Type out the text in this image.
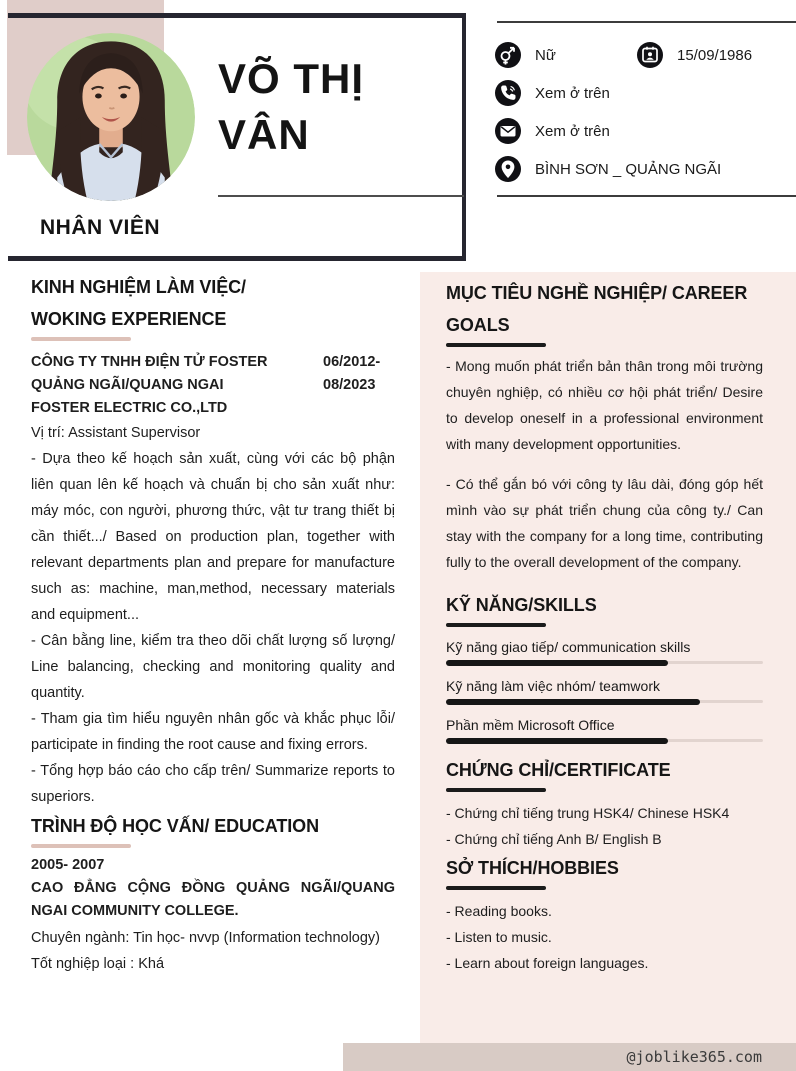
VÕ THỊ
VÂN
NHÂN VIÊN
Nữ	15/09/1986
Xem ở trên
Xem ở trên
BÌNH SƠN _ QUẢNG NGÃI
KINH NGHIỆM LÀM VIỆC/
WOKING EXPERIENCE
CÔNG TY TNHH ĐIỆN TỬ FOSTER
QUẢNG NGÃI/QUANG NGAI
FOSTER ELECTRIC CO.,LTD
06/2012-
08/2023
Vị trí: Assistant Supervisor

- Dựa theo kế hoạch sản xuất, cùng với các bộ phận liên quan lên kế hoạch và chuẩn bị cho sản xuất như: máy móc, con người, phương thức, vật tư trang thiết bị cần thiết.../ Based on production plan, together with relevant departments plan and prepare for manufacture such as: machine, man,method, necessary materials and equipment...

- Cân bằng line, kiểm tra theo dõi chất lượng số lượng/ Line balancing, checking and monitoring quality and quantity.

- Tham gia tìm hiểu nguyên nhân gốc và khắc phục lỗi/ participate in finding the root cause and fixing errors.

- Tổng hợp báo cáo cho cấp trên/ Summarize reports to superiors.

TRÌNH ĐỘ HỌC VẤN/ EDUCATION
2005- 2007
CAO ĐẲNG CỘNG ĐỒNG QUẢNG NGÃI/QUANG
NGAI COMMUNITY COLLEGE.
Chuyên ngành: Tin học- nvvp (Information technology)
Tốt nghiệp loại : Khá
MỤC TIÊU NGHỀ NGHIỆP/ CAREER
GOALS

- Mong muốn phát triển bản thân trong môi trường chuyên nghiệp, có nhiều cơ hội phát triển/ Desire to develop oneself in a professional environment with many development opportunities.

- Có thể gắn bó với công ty lâu dài, đóng góp hết mình vào sự phát triển chung của công ty./ Can stay with the company for a long time, contributing fully to the overall development of the company.

KỸ NĂNG/SKILLS
Kỹ năng giao tiếp/ communication skills
Kỹ năng làm việc nhóm/ teamwork
Phần mềm Microsoft Office
CHỨNG CHỈ/CERTIFICATE
- Chứng chỉ tiếng trung HSK4/ Chinese HSK4
- Chứng chỉ tiếng Anh B/ English B
SỞ THÍCH/HOBBIES
- Reading books.
- Listen to music.
- Learn about foreign languages.
@joblike365.com
